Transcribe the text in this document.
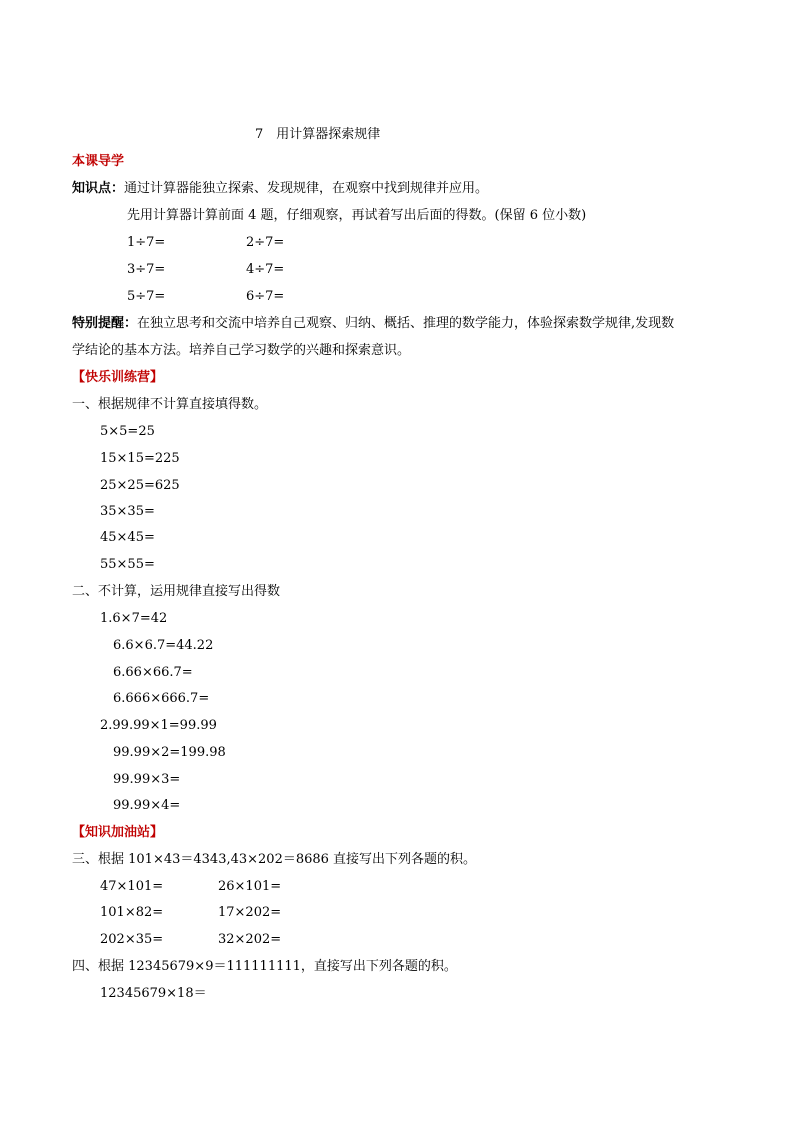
7　用计算器探索规律
本课导学
知识点：通过计算器能独立探索、发现规律，在观察中找到规律并应用。
先用计算器计算前面 4 题，仔细观察，再试着写出后面的得数。(保留 6 位小数)
1÷7=	2÷7=
3÷7=	4÷7=
5÷7=	6÷7=
特别提醒：在独立思考和交流中培养自己观察、归纳、概括、推理的数学能力，体验探索数学规律,发现数
学结论的基本方法。培养自己学习数学的兴趣和探索意识。
【快乐训练营】
一、根据规律不计算直接填得数。
5×5=25
15×15=225
25×25=625
35×35=
45×45=
55×55=
二、不计算，运用规律直接写出得数
1.6×7=42
6.6×6.7=44.22
6.66×66.7=
6.666×666.7=
2.99.99×1=99.99
99.99×2=199.98
99.99×3=
99.99×4=
【知识加油站】
三、根据 101×43＝4343,43×202＝8686 直接写出下列各题的积。
47×101=	26×101=
101×82=	17×202=
202×35=	32×202=
四、根据 12345679×9＝111111111，直接写出下列各题的积。
12345679×18＝
